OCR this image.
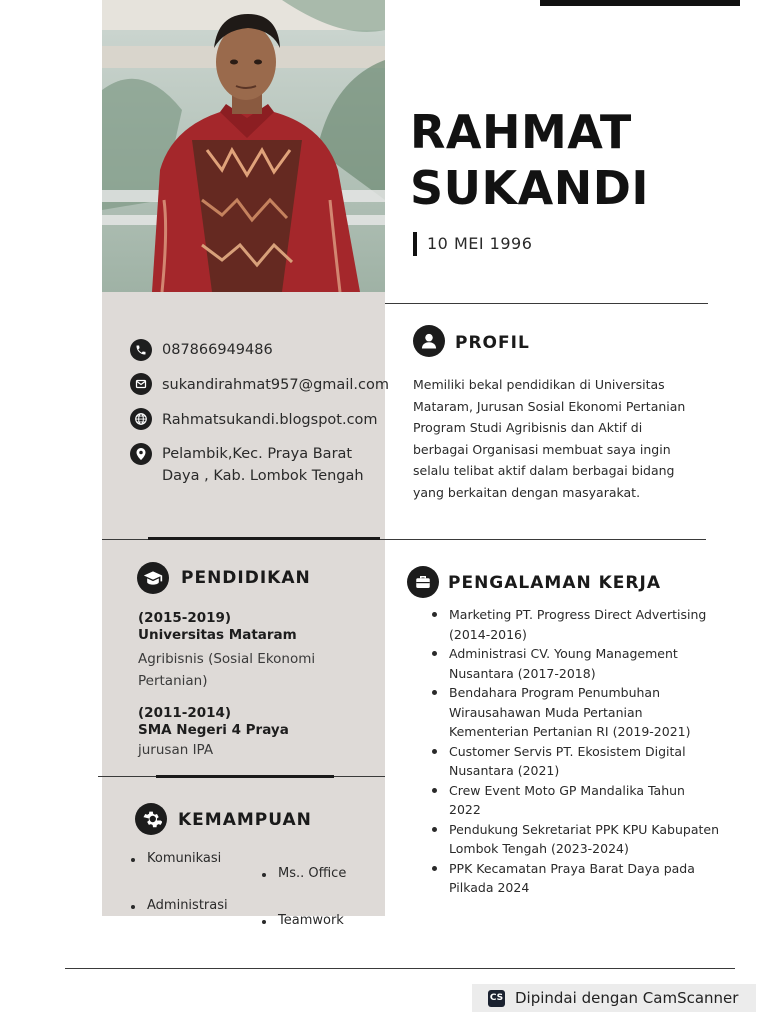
RAHMAT
SUKANDI
10 MEI 1996
087866949486
sukandirahmat957@gmail.com
Rahmatsukandi.blogspot.com
Pelambik,Kec. Praya Barat
Daya , Kab. Lombok Tengah
PROFIL
Memiliki bekal pendidikan di Universitas
Mataram, Jurusan Sosial Ekonomi Pertanian
Program Studi Agribisnis dan Aktif di
berbagai Organisasi membuat saya ingin
selalu telibat aktif dalam berbagai bidang
yang berkaitan dengan masyarakat.
PENDIDIKAN
(2015-2019)
Universitas Mataram
Agribisnis (Sosial Ekonomi
Pertanian)
(2011-2014)
SMA Negeri 4 Praya
jurusan IPA
PENGALAMAN KERJA
Marketing PT. Progress Direct Advertising
(2014-2016)
Administrasi CV. Young Management
Nusantara (2017-2018)
Bendahara Program Penumbuhan
Wirausahawan Muda Pertanian
Kementerian Pertanian RI (2019-2021)
Customer Servis PT. Ekosistem Digital
Nusantara (2021)
Crew Event Moto GP Mandalika Tahun
2022
Pendukung Sekretariat PPK KPU Kabupaten
Lombok Tengah (2023-2024)
PPK Kecamatan Praya Barat Daya pada
Pilkada 2024
KEMAMPUAN
Komunikasi
Ms.. Office
Administrasi
Teamwork
CS Dipindai dengan CamScanner
